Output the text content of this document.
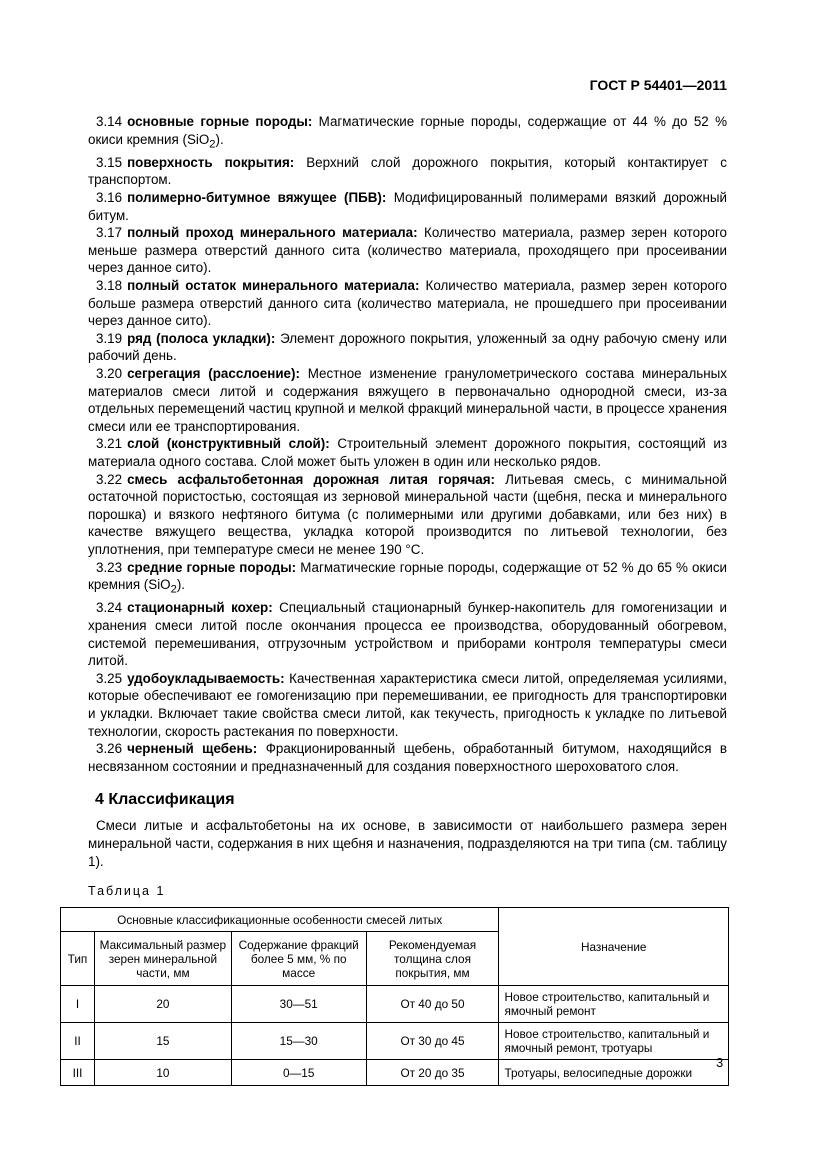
ГОСТ Р 54401—2011

3.14 основные горные породы: Магматические горные породы, содержащие от 44 % до 52 % окиси кремния (SiO$_2$).

3.15 поверхность покрытия: Верхний слой дорожного покрытия, который контактирует с транспортом.

3.16 полимерно-битумное вяжущее (ПБВ): Модифицированный полимерами вязкий дорожный битум.

3.17 полный проход минерального материала: Количество материала, размер зерен которого меньше размера отверстий данного сита (количество материала, проходящего при просеивании через данное сито).

3.18 полный остаток минерального материала: Количество материала, размер зерен которого больше размера отверстий данного сита (количество материала, не прошедшего при просеивании через данное сито).

3.19 ряд (полоса укладки): Элемент дорожного покрытия, уложенный за одну рабочую смену или рабочий день.

3.20 сегрегация (расслоение): Местное изменение гранулометрического состава минеральных материалов смеси литой и содержания вяжущего в первоначально однородной смеси, из-за отдельных перемещений частиц крупной и мелкой фракций минеральной части, в процессе хранения смеси или ее транспортирования.

3.21 слой (конструктивный слой): Строительный элемент дорожного покрытия, состоящий из материала одного состава. Слой может быть уложен в один или несколько рядов.

3.22 смесь асфальтобетонная дорожная литая горячая: Литьевая смесь, с минимальной остаточной пористостью, состоящая из зерновой минеральной части (щебня, песка и минерального порошка) и вязкого нефтяного битума (с полимерными или другими добавками, или без них) в качестве вяжущего вещества, укладка которой производится по литьевой технологии, без уплотнения, при температуре смеси не менее 190 °С.

3.23 средние горные породы: Магматические горные породы, содержащие от 52 % до 65 % окиси кремния (SiO$_2$).

3.24 стационарный кохер: Специальный стационарный бункер-накопитель для гомогенизации и хранения смеси литой после окончания процесса ее производства, оборудованный обогревом, системой перемешивания, отгрузочным устройством и приборами контроля температуры смеси литой.

3.25 удобоукладываемость: Качественная характеристика смеси литой, определяемая усилиями, которые обеспечивают ее гомогенизацию при перемешивании, ее пригодность для транспортировки и укладки. Включает такие свойства смеси литой, как текучесть, пригодность к укладке по литьевой технологии, скорость растекания по поверхности.

3.26 черненый щебень: Фракционированный щебень, обработанный битумом, находящийся в несвязанном состоянии и предназначенный для создания поверхностного шероховатого слоя.

4 Классификация

Смеси литые и асфальтобетоны на их основе, в зависимости от наибольшего размера зерен минеральной части, содержания в них щебня и назначения, подразделяются на три типа (см. таблицу 1).

Таблица 1
Основные классификационные особенности смесей литых				Назначение
Тип	Максимальный размер зерен минеральной части, мм	Содержание фракций более 5 мм, % по массе	Рекомендуемая толщина слоя покрытия, мм	
I	20	30—51	От 40 до 50	Новое строительство, капитальный и ямочный ремонт
II	15	15—30	От 30 до 45	Новое строительство, капитальный и ямочный ремонт, тротуары
III	10	0—15	От 20 до 35	Тротуары, велосипедные дорожки
3
